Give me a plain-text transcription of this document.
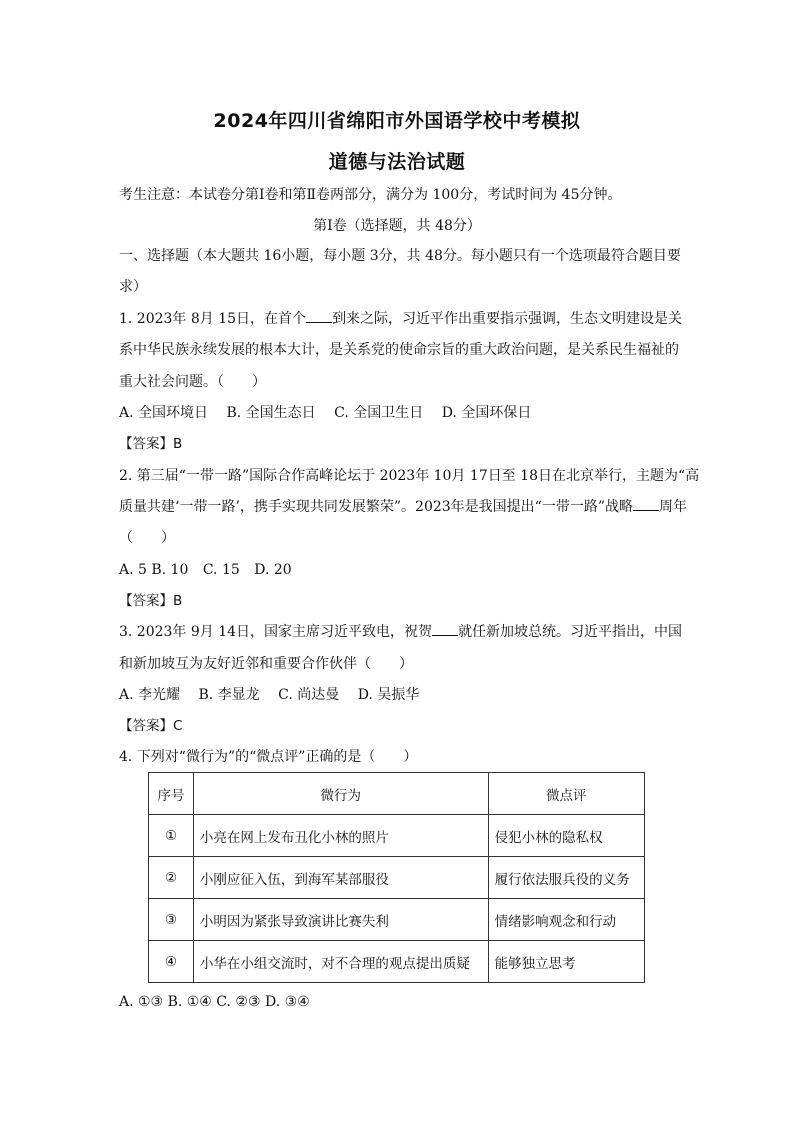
2024年四川省绵阳市外国语学校中考模拟
道德与法治试题
考生注意：本试卷分第Ⅰ卷和第Ⅱ卷两部分，满分为 100分，考试时间为 45分钟。
第Ⅰ卷（选择题，共 48分）
一、选择题（本大题共 16小题，每小题 3分，共 48分。每小题只有一个选项最符合题目要
求）
1. 2023年 8月 15日，在首个 到来之际，习近平作出重要指示强调，生态文明建设是关
系中华民族永续发展的根本大计，是关系党的使命宗旨的重大政治问题，是关系民生福祉的
重大社会问题。（　　）
A. 全国环境日 B. 全国生态日 C. 全国卫生日 D. 全国环保日
【答案】B
2. 第三届“一带一路”国际合作高峰论坛于 2023年 10月 17日至 18日在北京举行，主题为“高
质量共建‘一带一路’，携手实现共同发展繁荣”。2023年是我国提出“一带一路”战略 周年
（　　）
A. 5 B. 10 C. 15 D. 20
【答案】B
3. 2023年 9月 14日，国家主席习近平致电，祝贺 就任新加坡总统。习近平指出，中国
和新加坡互为友好近邻和重要合作伙伴（　　）
A. 李光耀 B. 李显龙 C. 尚达曼 D. 吴振华
【答案】C
4. 下列对“微行为”的“微点评”正确的是（　　）
序号	微行为	微点评
①	小亮在网上发布丑化小林的照片	侵犯小林的隐私权
②	小刚应征入伍，到海军某部服役	履行依法服兵役的义务
③	小明因为紧张导致演讲比赛失利	情绪影响观念和行动
④	小华在小组交流时，对不合理的观点提出质疑	能够独立思考
A. ①③ B. ①④ C. ②③ D. ③④
